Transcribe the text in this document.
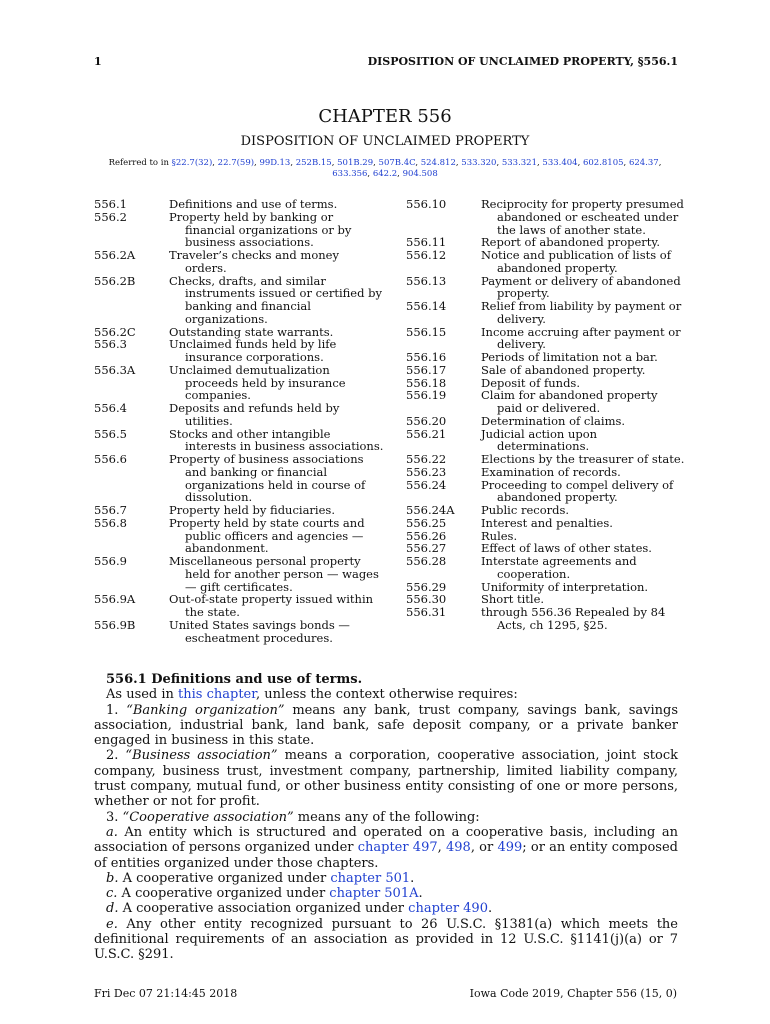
1	DISPOSITION OF UNCLAIMED PROPERTY, §556.1
CHAPTER 556
DISPOSITION OF UNCLAIMED PROPERTY
Referred to in §22.7(32), 22.7(59), 99D.13, 252B.15, 501B.29, 507B.4C, 524.812, 533.320, 533.321, 533.404, 602.8105, 624.37, 633.356, 642.2, 904.508
556.1	Definitions and use of terms.
556.2	Property held by banking or financial organizations or by business associations.
556.2A	Traveler’s checks and money orders.
556.2B	Checks, drafts, and similar instruments issued or certified by banking and financial organizations.
556.2C	Outstanding state warrants.
556.3	Unclaimed funds held by life insurance corporations.
556.3A	Unclaimed demutualization proceeds held by insurance companies.
556.4	Deposits and refunds held by utilities.
556.5	Stocks and other intangible interests in business associations.
556.6	Property of business associations and banking or financial organizations held in course of dissolution.
556.7	Property held by fiduciaries.
556.8	Property held by state courts and public officers and agencies — abandonment.
556.9	Miscellaneous personal property held for another person — wages — gift certificates.
556.9A	Out-of-state property issued within the state.
556.9B	United States savings bonds — escheatment procedures.
556.10	Reciprocity for property presumed abandoned or escheated under the laws of another state.
556.11	Report of abandoned property.
556.12	Notice and publication of lists of abandoned property.
556.13	Payment or delivery of abandoned property.
556.14	Relief from liability by payment or delivery.
556.15	Income accruing after payment or delivery.
556.16	Periods of limitation not a bar.
556.17	Sale of abandoned property.
556.18	Deposit of funds.
556.19	Claim for abandoned property paid or delivered.
556.20	Determination of claims.
556.21	Judicial action upon determinations.
556.22	Elections by the treasurer of state.
556.23	Examination of records.
556.24	Proceeding to compel delivery of abandoned property.
556.24A	Public records.
556.25	Interest and penalties.
556.26	Rules.
556.27	Effect of laws of other states.
556.28	Interstate agreements and cooperation.
556.29	Uniformity of interpretation.
556.30	Short title.
556.31	through 556.36 Repealed by 84 Acts, ch 1295, §25.

556.1 Definitions and use of terms.

As used in this chapter, unless the context otherwise requires:

1. “Banking organization” means any bank, trust company, savings bank, savings association, industrial bank, land bank, safe deposit company, or a private banker engaged in business in this state.

2. “Business association” means a corporation, cooperative association, joint stock company, business trust, investment company, partnership, limited liability company, trust company, mutual fund, or other business entity consisting of one or more persons, whether or not for profit.

3. “Cooperative association” means any of the following:

a. An entity which is structured and operated on a cooperative basis, including an association of persons organized under chapter 497, 498, or 499; or an entity composed of entities organized under those chapters.

b. A cooperative organized under chapter 501.

c. A cooperative organized under chapter 501A.

d. A cooperative association organized under chapter 490.

e. Any other entity recognized pursuant to 26 U.S.C. §1381(a) which meets the definitional requirements of an association as provided in 12 U.S.C. §1141(j)(a) or 7 U.S.C. §291.

Fri Dec 07 21:14:45 2018	Iowa Code 2019, Chapter 556 (15, 0)
